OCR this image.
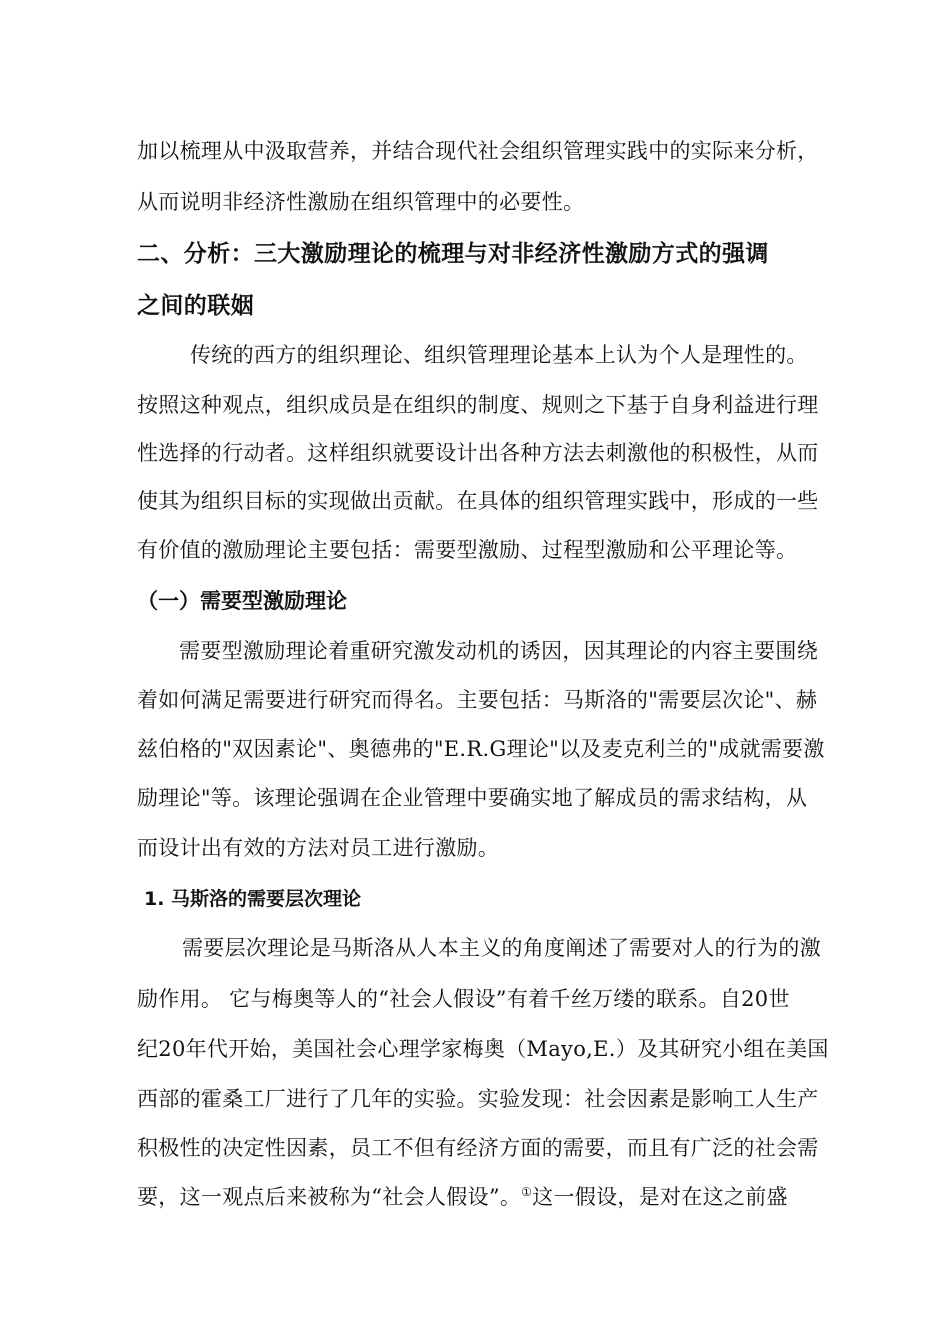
加以梳理从中汲取营养，并结合现代社会组织管理实践中的实际来分析，
从而说明非经济性激励在组织管理中的必要性。
二、分析：三大激励理论的梳理与对非经济性激励方式的强调
之间的联姻
传统的西方的组织理论、组织管理理论基本上认为个人是理性的。
按照这种观点，组织成员是在组织的制度、规则之下基于自身利益进行理
性选择的行动者。这样组织就要设计出各种方法去刺激他的积极性，从而
使其为组织目标的实现做出贡献。在具体的组织管理实践中，形成的一些
有价值的激励理论主要包括：需要型激励、过程型激励和公平理论等。
（一）需要型激励理论
需要型激励理论着重研究激发动机的诱因，因其理论的内容主要围绕
着如何满足需要进行研究而得名。主要包括：马斯洛的"需要层次论"、赫
兹伯格的"双因素论"、奥德弗的"E.R.G理论"以及麦克利兰的"成就需要激
励理论"等。该理论强调在企业管理中要确实地了解成员的需求结构，从
而设计出有效的方法对员工进行激励。
1. 马斯洛的需要层次理论
需要层次理论是马斯洛从人本主义的角度阐述了需要对人的行为的激
励作用。 它与梅奥等人的“社会人假设”有着千丝万缕的联系。自20世
纪20年代开始，美国社会心理学家梅奥（Mayo,E.）及其研究小组在美国
西部的霍桑工厂进行了几年的实验。实验发现：社会因素是影响工人生产
积极性的决定性因素，员工不但有经济方面的需要，而且有广泛的社会需
要，这一观点后来被称为“社会人假设”。①这一假设，是对在这之前盛
